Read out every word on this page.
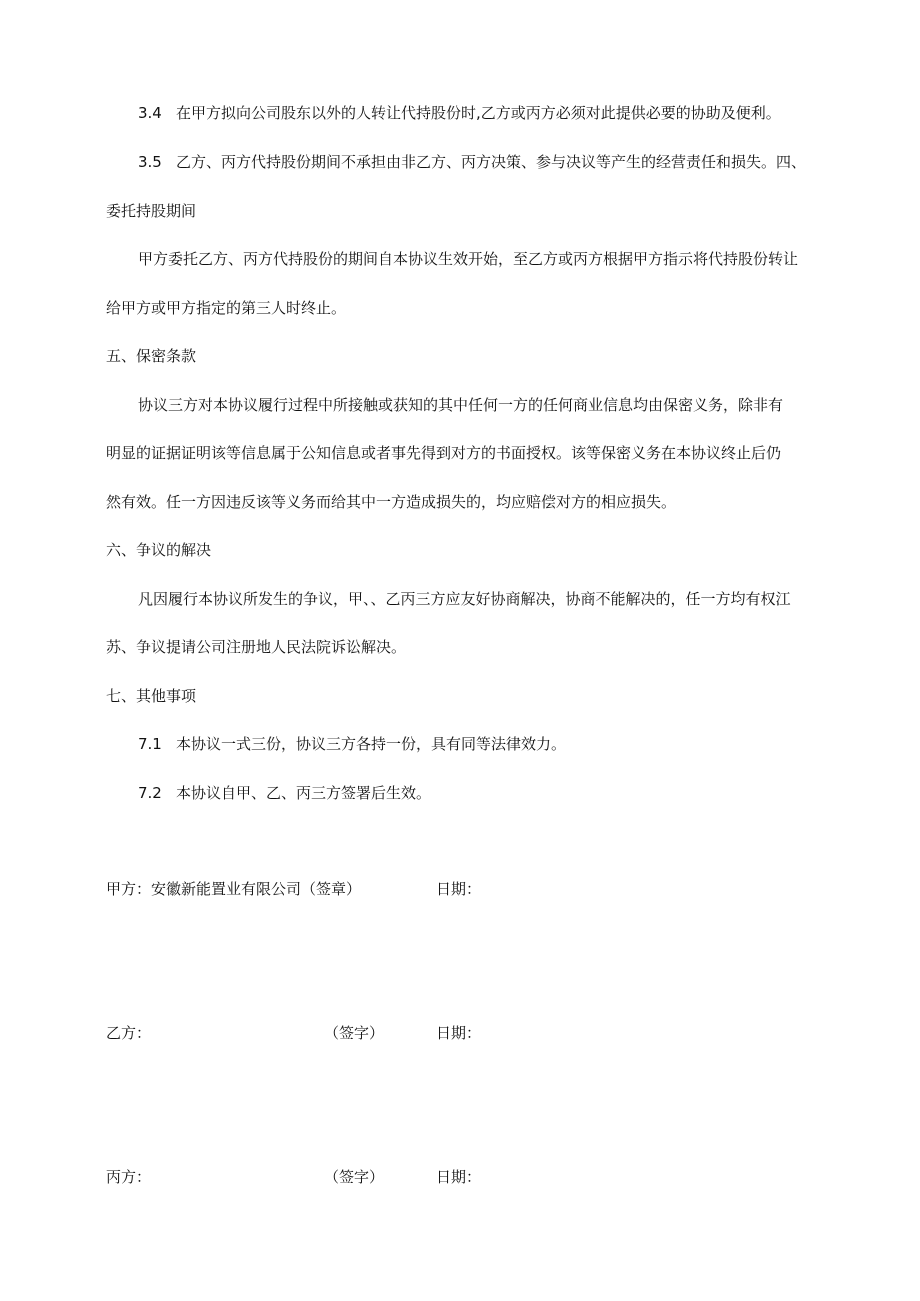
3.4 在甲方拟向公司股东以外的人转让代持股份时,乙方或丙方必须对此提供必要的协助及便利。
3.5 乙方、丙方代持股份期间不承担由非乙方、丙方决策、参与决议等产生的经营责任和损失。四、
委托持股期间
甲方委托乙方、丙方代持股份的期间自本协议生效开始，至乙方或丙方根据甲方指示将代持股份转让
给甲方或甲方指定的第三人时终止。
五、保密条款
协议三方对本协议履行过程中所接触或获知的其中任何一方的任何商业信息均由保密义务，除非有
明显的证据证明该等信息属于公知信息或者事先得到对方的书面授权。该等保密义务在本协议终止后仍
然有效。任一方因违反该等义务而给其中一方造成损失的，均应赔偿对方的相应损失。
六、争议的解决
凡因履行本协议所发生的争议，甲、、乙丙三方应友好协商解决，协商不能解决的，任一方均有权江
苏、争议提请公司注册地人民法院诉讼解决。
七、其他事项
7.1 本协议一式三份，协议三方各持一份，具有同等法律效力。
7.2 本协议自甲、乙、丙三方签署后生效。
甲方：安徽新能置业有限公司（签章）	日期：
乙方：	（签字）	日期：
丙方：	（签字）	日期：
